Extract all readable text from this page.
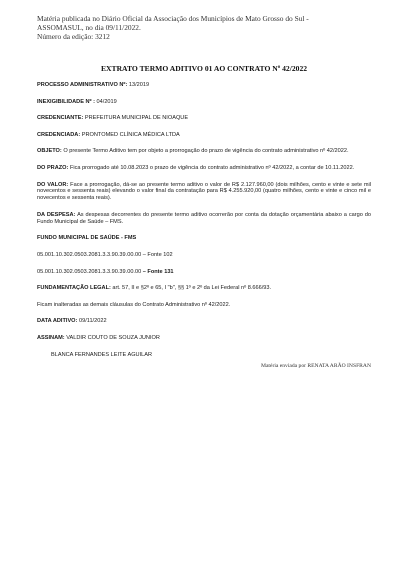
Matéria publicada no Diário Oficial da Associação dos Municípios de Mato Grosso do Sul -
ASSOMASUL, no dia 09/11/2022.
Número da edição: 3212
EXTRATO TERMO ADITIVO 01 AO CONTRATO Nº 42/2022

PROCESSO ADMINISTRATIVO Nº: 13/2019

INEXIGIBILIDADE Nº : 04/2019

CREDENCIANTE: PREFEITURA MUNICIPAL DE NIOAQUE

CREDENCIADA: PRONTOMED CLÍNICA MÉDICA LTDA

OBJETO: O presente Termo Aditivo tem por objeto a prorrogação do prazo de vigência do contrato administrativo nº 42/2022.

DO PRAZO: Fica prorrogado até 10.08.2023 o prazo de vigência do contrato administrativo nº 42/2022, a contar de 10.11.2022.

DO VALOR: Face a prorrogação, dá-se ao presente termo aditivo o valor de R$ 2.127.960,00 (dois milhões, cento e vinte e sete mil novecentos e sessenta reais) elevando o valor final da contratação para R$ 4.255.920,00 (quatro milhões, cento e vinte e cinco mil e novecentos e sessenta reais).

DA DESPESA: As despesas decorrentes do presente termo aditivo ocorrerão por conta da dotação orçamentária abaixo a cargo do Fundo Municipal de Saúde – FMS.

FUNDO MUNICIPAL DE SAÚDE - FMS

05.001.10.302.0503.2081.3.3.90.39.00.00 – Fonte 102

05.001.10.302.0503.2081.3.3.90.39.00.00 – Fonte 131

FUNDAMENTAÇÃO LEGAL: art. 57, II e §2º e 65, I "b", §§ 1º e 2º da Lei Federal nº 8.666/93.

Ficam inalteradas as demais cláusulas do Contrato Administrativo nº 42/2022.

DATA ADITIVO: 09/11/2022

ASSINAM: VALDIR COUTO DE SOUZA JUNIOR

BLANCA FERNANDES LEITE AGUILAR

Matéria enviada por RENATA ARÃO INSFRAN
